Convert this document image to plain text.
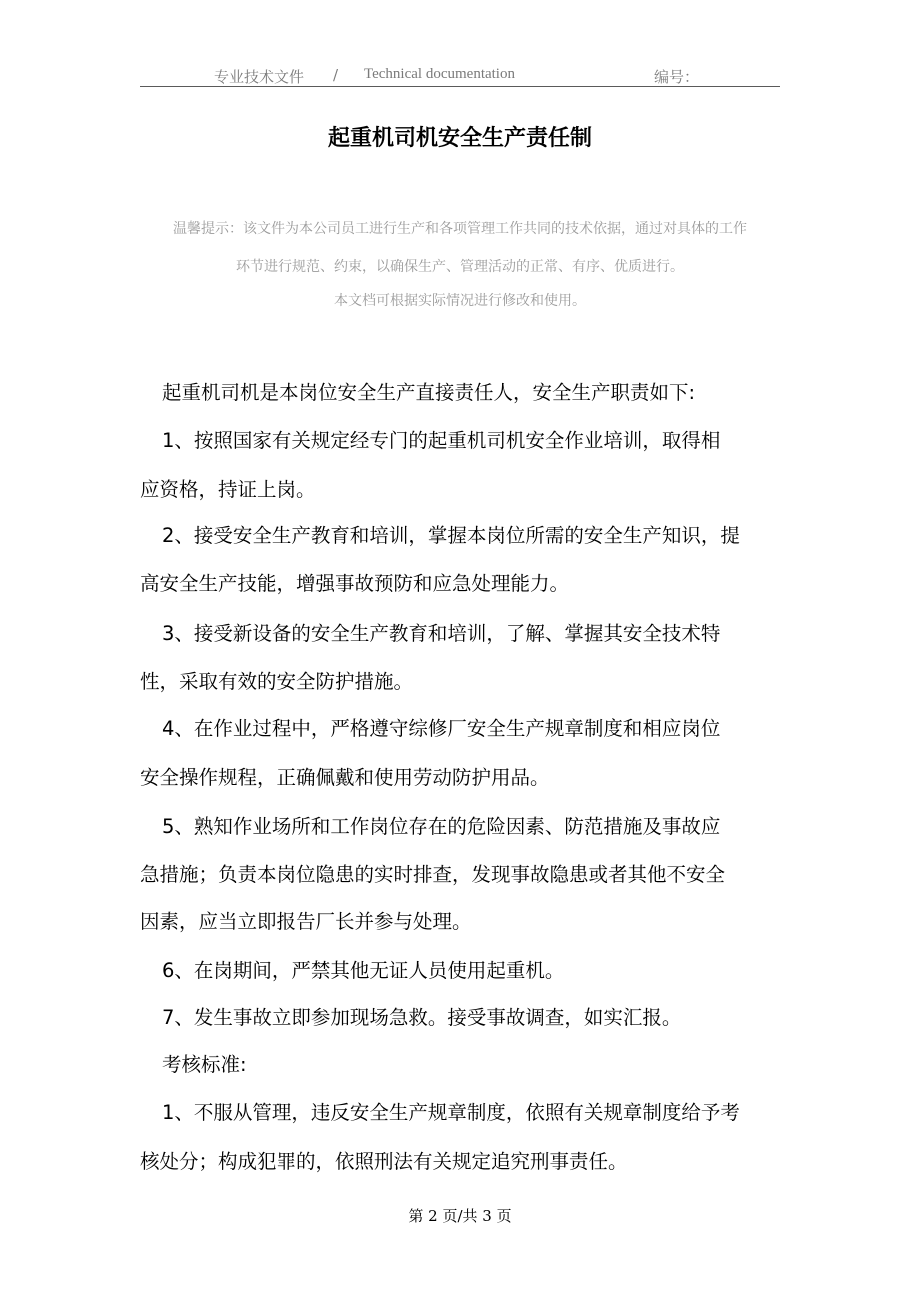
专业技术文件 / Technical documentation	编号：
起重机司机安全生产责任制
温馨提示：该文件为本公司员工进行生产和各项管理工作共同的技术依据，通过对具体的工作
环节进行规范、约束，以确保生产、管理活动的正常、有序、优质进行。
本文档可根据实际情况进行修改和使用。
起重机司机是本岗位安全生产直接责任人，安全生产职责如下:
1、按照国家有关规定经专门的起重机司机安全作业培训，取得相
应资格，持证上岗。
2、接受安全生产教育和培训，掌握本岗位所需的安全生产知识，提
高安全生产技能，增强事故预防和应急处理能力。
3、接受新设备的安全生产教育和培训，了解、掌握其安全技术特
性，采取有效的安全防护措施。
4、在作业过程中，严格遵守综修厂安全生产规章制度和相应岗位
安全操作规程，正确佩戴和使用劳动防护用品。
5、熟知作业场所和工作岗位存在的危险因素、防范措施及事故应
急措施；负责本岗位隐患的实时排查，发现事故隐患或者其他不安全
因素，应当立即报告厂长并参与处理。
6、在岗期间，严禁其他无证人员使用起重机。
7、发生事故立即参加现场急救。接受事故调查，如实汇报。
考核标准:
1、不服从管理，违反安全生产规章制度，依照有关规章制度给予考
核处分；构成犯罪的，依照刑法有关规定追究刑事责任。
第 2 页/共 3 页
